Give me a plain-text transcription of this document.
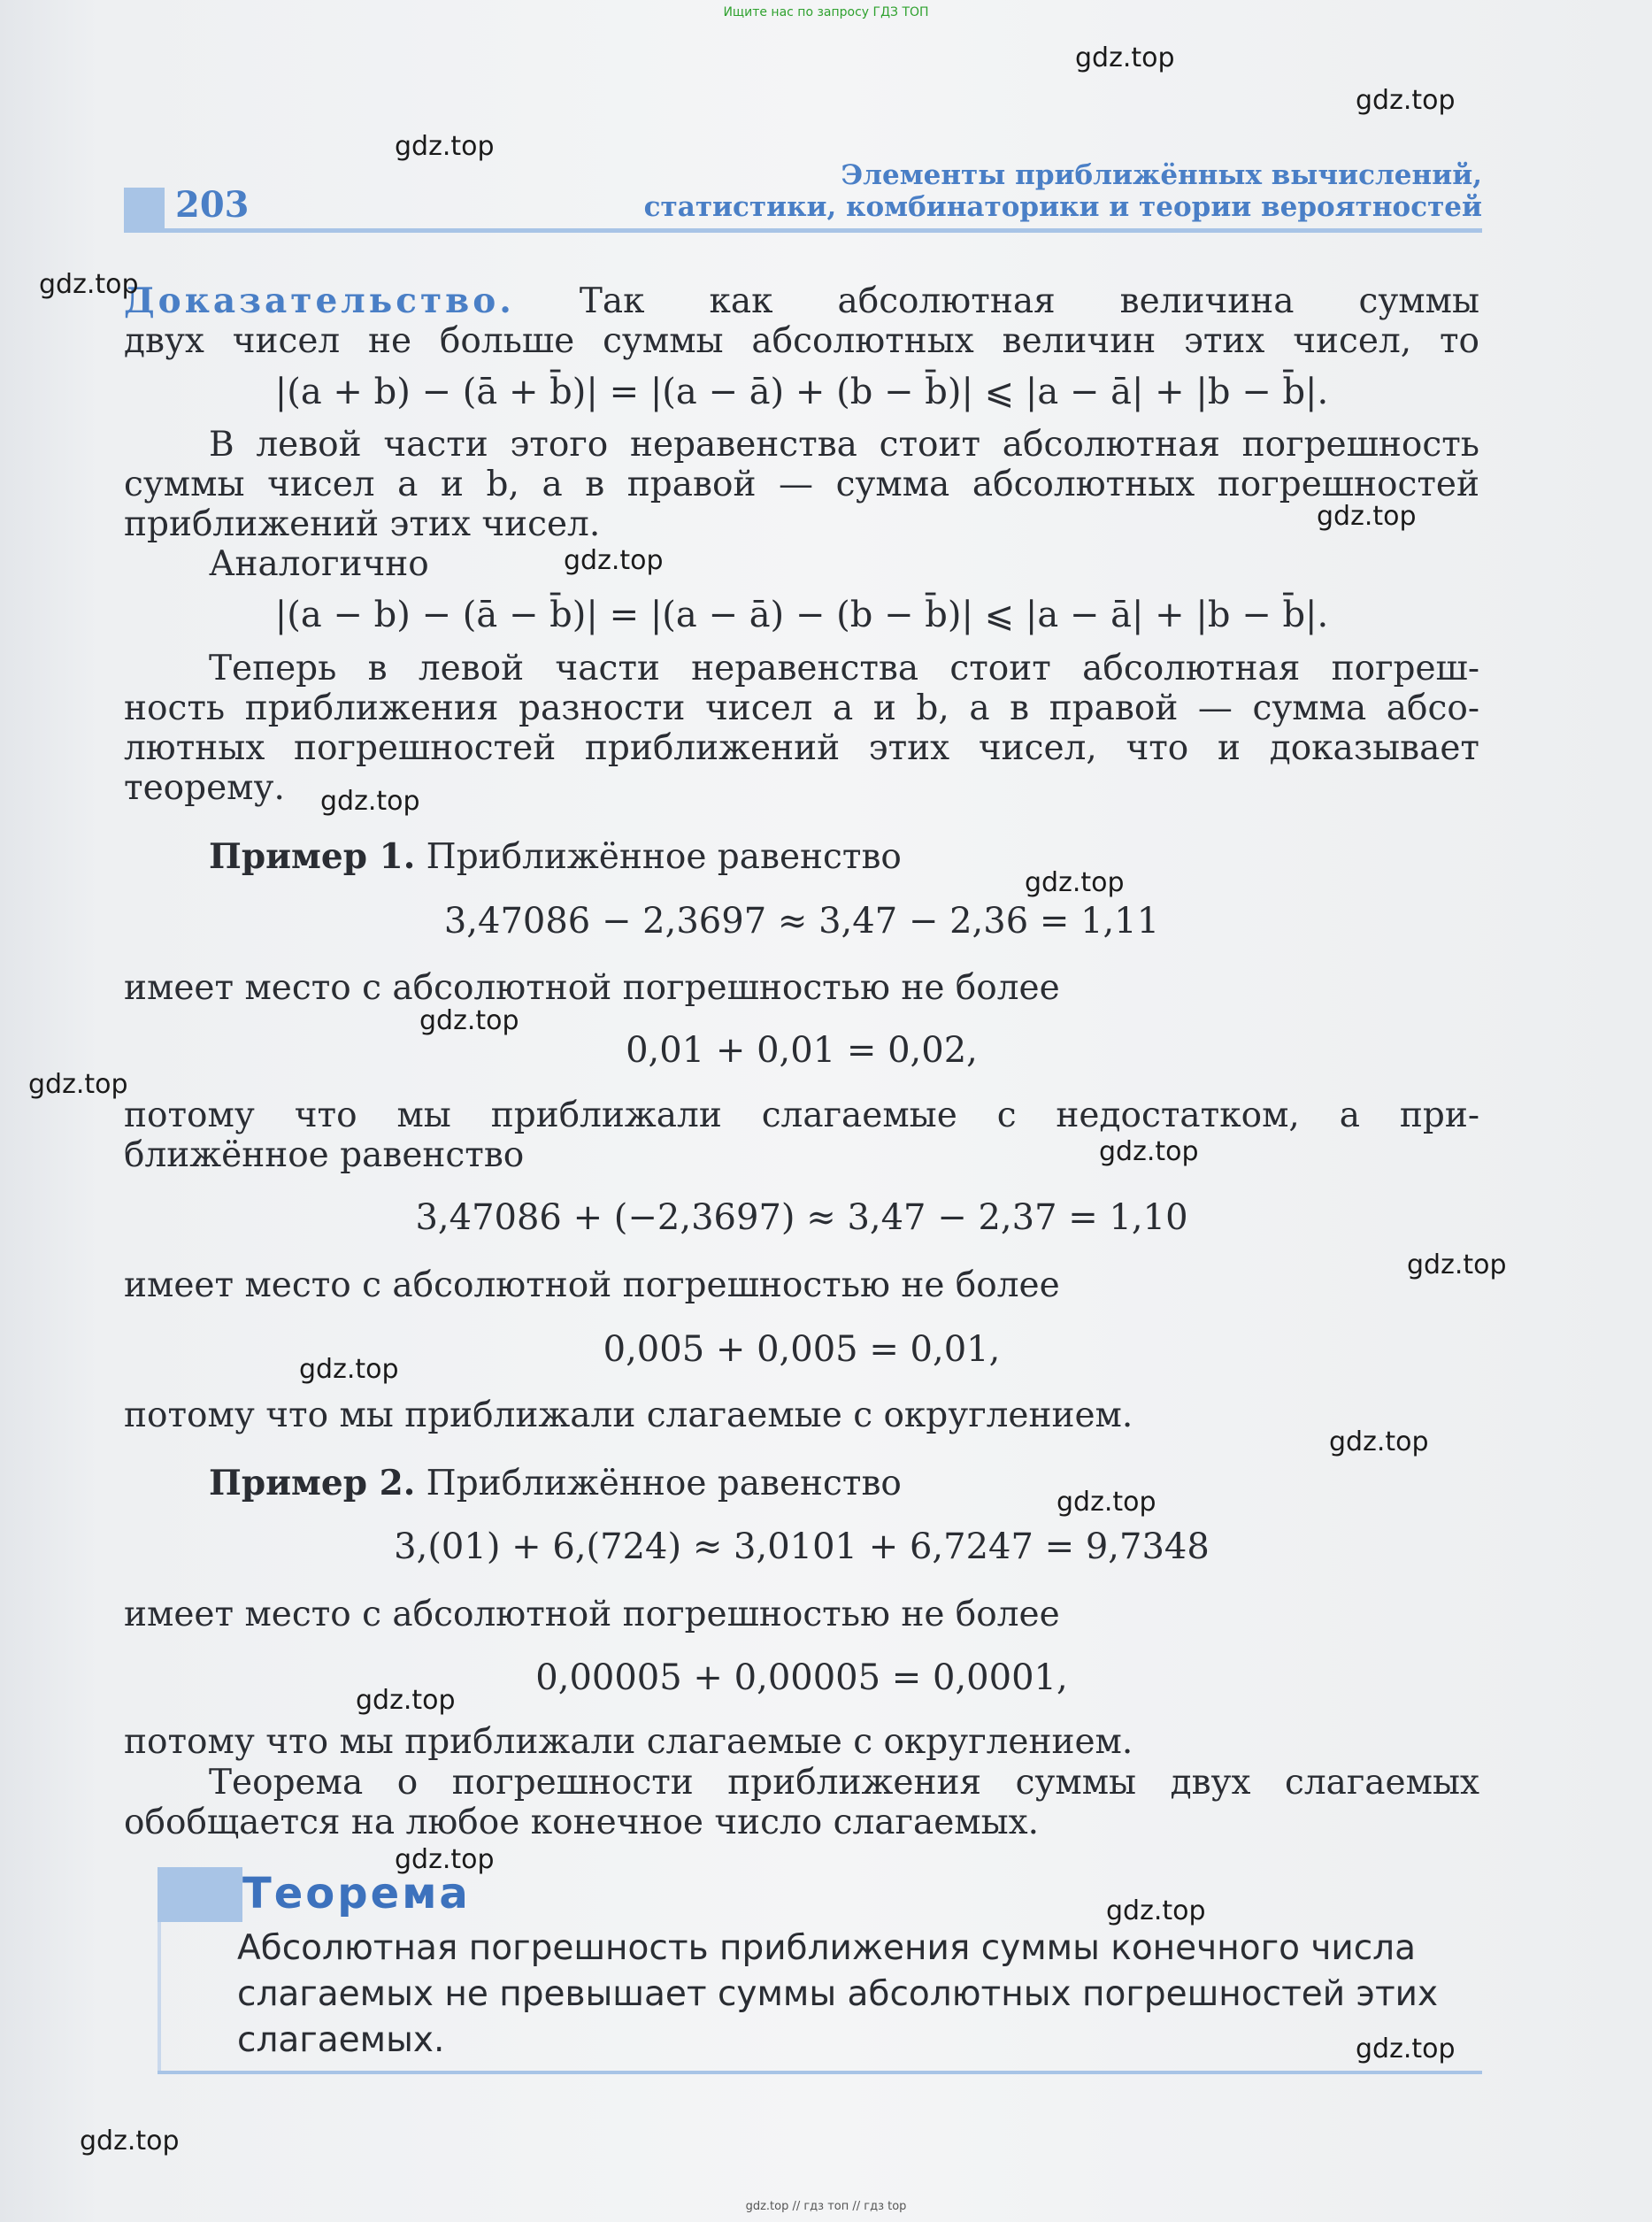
Ищите нас по запросу ГДЗ ТОП
203
Элементы приближённых вычислений,
статистики, комбинаторики и теории вероятностей
Доказательство. Так как абсолютная величина суммы
двух чисел не больше суммы абсолютных величин этих чисел, то
|(a + b) − (ā + b̄)| = |(a − ā) + (b − b̄)| ⩽ |a − ā| + |b − b̄|.
В левой части этого неравенства стоит абсолютная погрешность
суммы чисел a и b, а в правой — сумма абсолютных погрешностей
приближений этих чисел.
Аналогично
|(a − b) − (ā − b̄)| = |(a − ā) − (b − b̄)| ⩽ |a − ā| + |b − b̄|.
Теперь в левой части неравенства стоит абсолютная погреш-
ность приближения разности чисел a и b, а в правой — сумма абсо-
лютных погрешностей приближений этих чисел, что и доказывает
теорему.
Пример 1. Приближённое равенство
3,47086 − 2,3697 ≈ 3,47 − 2,36 = 1,11
имеет место с абсолютной погрешностью не более
0,01 + 0,01 = 0,02,
потому что мы приближали слагаемые с недостатком, а при-
ближённое равенство
3,47086 + (−2,3697) ≈ 3,47 − 2,37 = 1,10
имеет место с абсолютной погрешностью не более
0,005 + 0,005 = 0,01,
потому что мы приближали слагаемые с округлением.
Пример 2. Приближённое равенство
3,(01) + 6,(724) ≈ 3,0101 + 6,7247 = 9,7348
имеет место с абсолютной погрешностью не более
0,00005 + 0,00005 = 0,0001,
потому что мы приближали слагаемые с округлением.
Теорема о погрешности приближения суммы двух слагаемых
обобщается на любое конечное число слагаемых.
Теорема
Абсолютная погрешность приближения суммы конечного числа
слагаемых не превышает суммы абсолютных погрешностей этих
слагаемых.
gdz.top
gdz.top
gdz.top
gdz.top
gdz.top
gdz.top
gdz.top
gdz.top
gdz.top
gdz.top
gdz.top
gdz.top
gdz.top
gdz.top
gdz.top
gdz.top
gdz.top
gdz.top
gdz.top
gdz.top
gdz.top // гдз топ // гдз top
